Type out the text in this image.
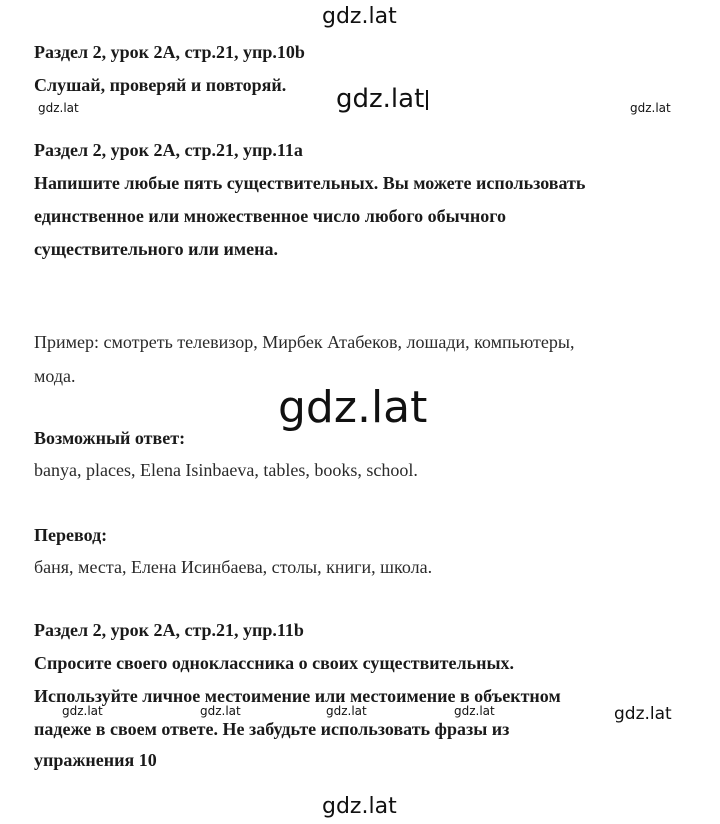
gdz.lat
Раздел 2, урок 2А, стр.21, упр.10b
Слушай, проверяй и повторяй.
gdz.lat	gdz.lat	gdz.lat
Раздел 2, урок 2А, стр.21, упр.11a
Напишите любые пять существительных. Вы можете использовать
единственное или множественное число любого обычного
существительного или имена.
Пример: смотреть телевизор, Мирбек Атабеков, лошади, компьютеры,
мода.
gdz.lat
Возможный ответ:
banya, places, Elena Isinbaeva, tables, books, school.
Перевод:
баня, места, Елена Исинбаева, столы, книги, школа.
Раздел 2, урок 2А, стр.21, упр.11b
Спросите своего одноклассника о своих существительных.
Используйте личное местоимение или местоимение в объектном
падеже в своем ответе. Не забудьте использовать фразы из
упражнения 10
gdz.lat	gdz.lat	gdz.lat	gdz.lat	gdz.lat
gdz.lat
